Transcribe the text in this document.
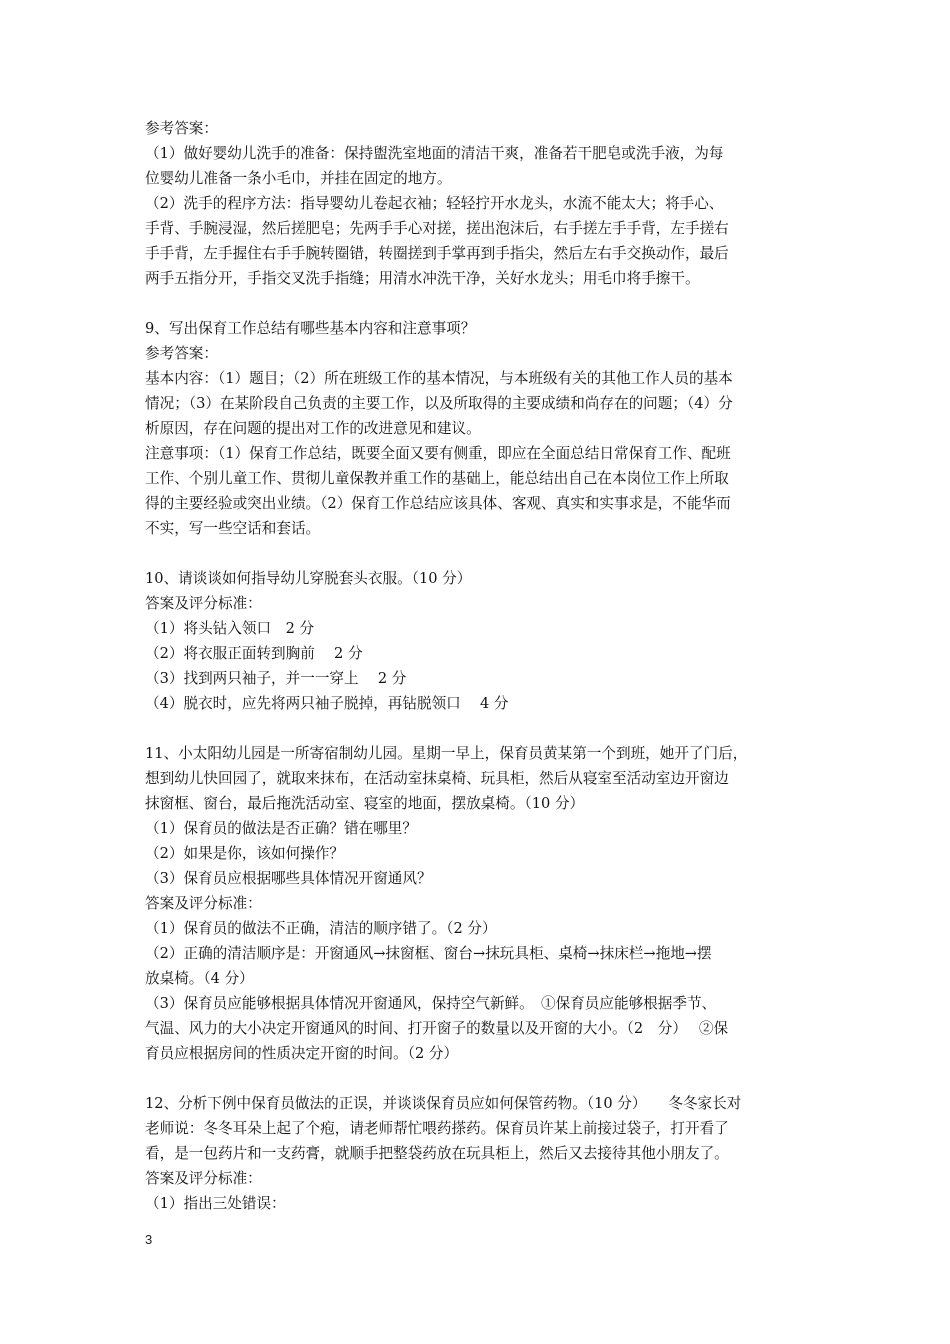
参考答案：

（1）做好婴幼儿洗手的准备：保持盥洗室地面的清洁干爽，准备若干肥皂或洗手液，为每

位婴幼儿准备一条小毛巾，并挂在固定的地方。

（2）洗手的程序方法：指导婴幼儿卷起衣袖；轻轻拧开水龙头，水流不能太大；将手心、

手背、手腕浸湿，然后搓肥皂；先两手手心对搓，搓出泡沫后，右手搓左手手背，左手搓右

手手背，左手握住右手手腕转圈错，转圈搓到手掌再到手指尖，然后左右手交换动作，最后

两手五指分开，手指交叉洗手指缝；用清水冲洗干净，关好水龙头；用毛巾将手擦干。

9、写出保育工作总结有哪些基本内容和注意事项？

参考答案：

基本内容：（1）题目；（2）所在班级工作的基本情况，与本班级有关的其他工作人员的基本

情况；（3）在某阶段自己负责的主要工作，以及所取得的主要成绩和尚存在的问题；（4）分

析原因，存在问题的提出对工作的改进意见和建议。

注意事项：（1）保育工作总结，既要全面又要有侧重，即应在全面总结日常保育工作、配班

工作、个别儿童工作、贯彻儿童保教并重工作的基础上，能总结出自己在本岗位工作上所取

得的主要经验或突出业绩。（2）保育工作总结应该具体、客观、真实和实事求是，不能华而

不实，写一些空话和套话。

10、请谈谈如何指导幼儿穿脱套头衣服。（10 分）

答案及评分标准：

（1）将头钻入领口　2 分

（2）将衣服正面转到胸前　 2 分

（3）找到两只袖子，并一一穿上　 2 分

（4）脱衣时，应先将两只袖子脱掉，再钻脱领口　 4 分

11、小太阳幼儿园是一所寄宿制幼儿园。星期一早上，保育员黄某第一个到班，她开了门后，

想到幼儿快回园了，就取来抹布，在活动室抹桌椅、玩具柜，然后从寝室至活动室边开窗边

抹窗框、窗台，最后拖洗活动室、寝室的地面，摆放桌椅。（10 分）

（1）保育员的做法是否正确？错在哪里？

（2）如果是你，该如何操作？

（3）保育员应根据哪些具体情况开窗通风？

答案及评分标准：

（1）保育员的做法不正确，清洁的顺序错了。（2 分）

（2）正确的清洁顺序是：开窗通风→抹窗框、窗台→抹玩具柜、桌椅→抹床栏→拖地→摆

放桌椅。（4 分）

（3）保育员应能够根据具体情况开窗通风，保持空气新鲜。　①保育员应能够根据季节、

气温、风力的大小决定开窗通风的时间、打开窗子的数量以及开窗的大小。（2　分）　 ②保

育员应根据房间的性质决定开窗的时间。（2 分）

12、分析下例中保育员做法的正误，并谈谈保育员应如何保管药物。（10 分）　　冬冬家长对

老师说：冬冬耳朵上起了个疱，请老师帮忙喂药搽药。保育员许某上前接过袋子，打开看了

看，是一包药片和一支药膏，就顺手把整袋药放在玩具柜上，然后又去接待其他小朋友了。

答案及评分标准：

（1）指出三处错误：

3
